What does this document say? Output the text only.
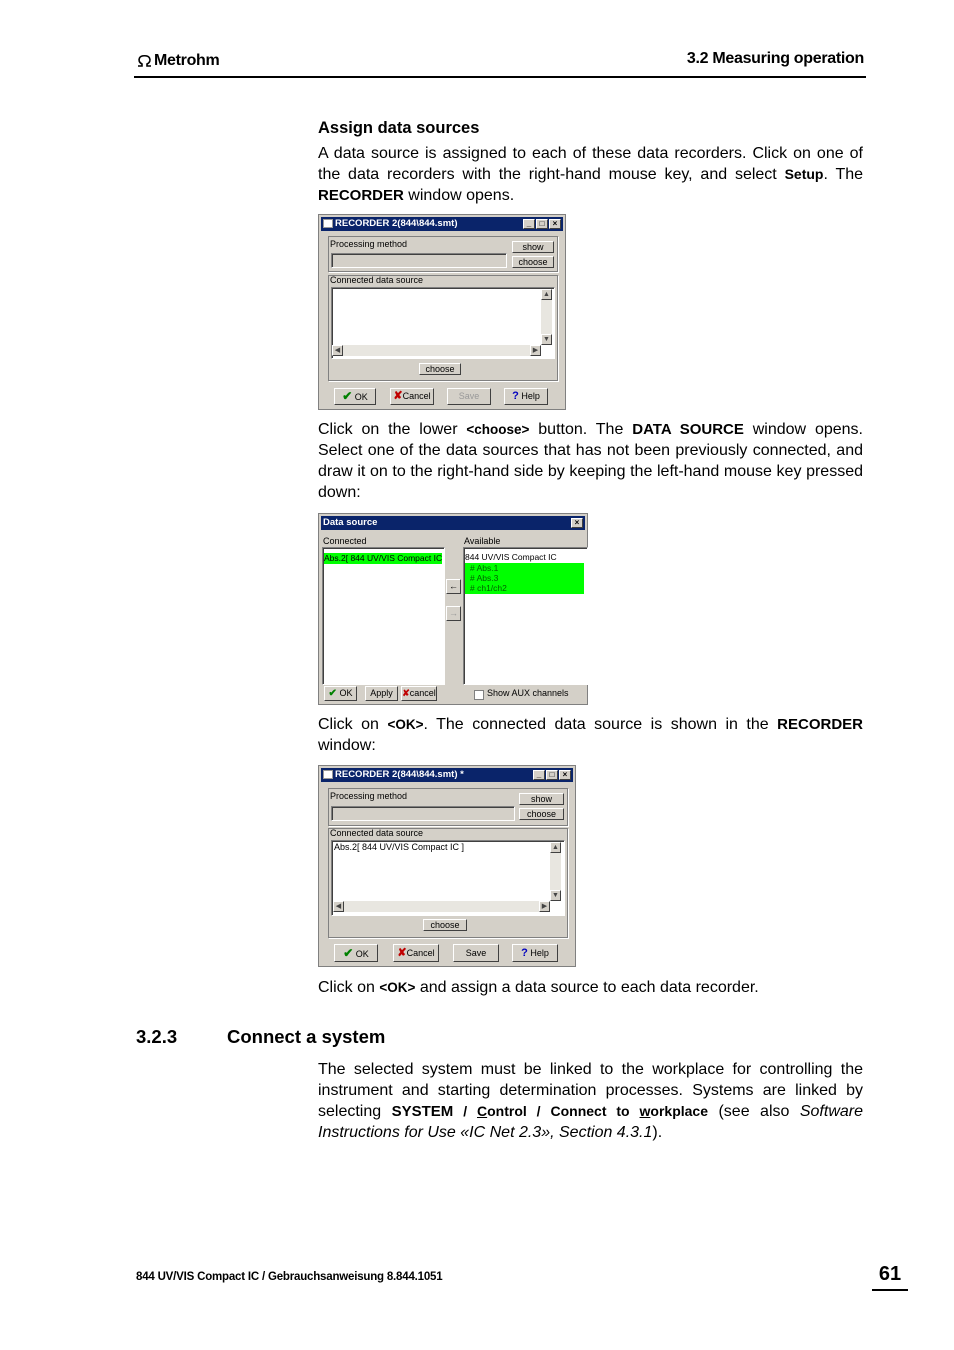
Metrohm	3.2 Measuring operation
Assign data sources
A data source is assigned to each of these data recorders. Click on one of the data recorders with the right-hand mouse key, and select Setup. The RECORDER window opens.
RECORDER 2(844\844.smt)	_	□	×
Processing method	show
choose
Connected data source
▲
▼
◀	▶
choose
✔ OK	✘Cancel	Save	? Help
Click on the lower <choose> button. The DATA SOURCE window opens. Select one of the data sources that has not been previously connected, and draw it on to the right-hand side by keeping the left-hand mouse key pressed down:
Data source	×
Connected
Abs.2[ 844 UV/VIS Compact IC
←
→
Available
844 UV/VIS Compact IC
# Abs.1
# Abs.3
# ch1/ch2
✔ OK	Apply	✘cancel	Show AUX channels
Click on <OK>. The connected data source is shown in the RECORDER window:
RECORDER 2(844\844.smt) *	_	□	×
Processing method	show
choose
Connected data source
Abs.2[ 844 UV/VIS Compact IC ]	▲
▼
◀	▶
choose
✔ OK	✘Cancel	Save	? Help
Click on <OK> and assign a data source to each data recorder.
3.2.3	Connect a system
The selected system must be linked to the workplace for controlling the instrument and starting determination processes. Systems are linked by selecting SYSTEM / Control / Connect to workplace (see also Software Instructions for Use «IC Net 2.3», Section 4.3.1).
844 UV/VIS Compact IC / Gebrauchsanweisung 8.844.1051	61
